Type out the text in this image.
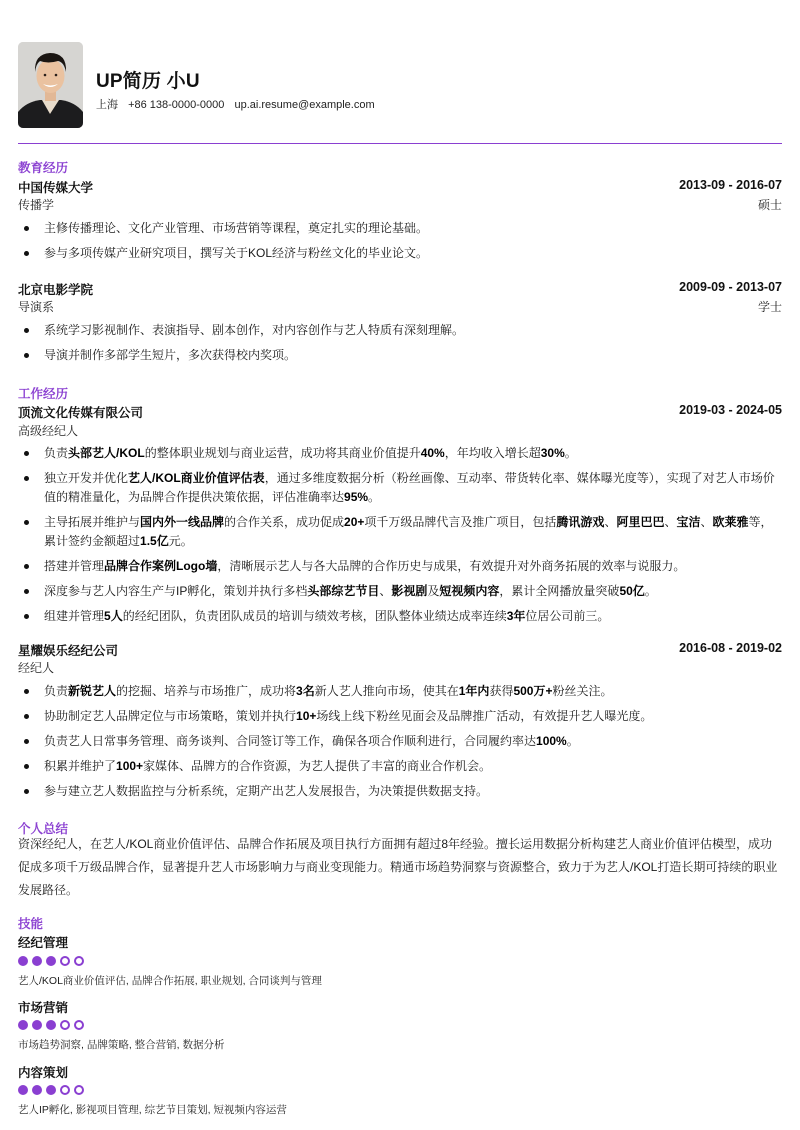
UP简历 小U
上海 +86 138-0000-0000 up.ai.resume@example.com
教育经历
中国传媒大学	2013-09 - 2016-07
传播学	硕士
主修传播理论、文化产业管理、市场营销等课程，奠定扎实的理论基础。
参与多项传媒产业研究项目，撰写关于KOL经济与粉丝文化的毕业论文。
北京电影学院	2009-09 - 2013-07
导演系	学士
系统学习影视制作、表演指导、剧本创作，对内容创作与艺人特质有深刻理解。
导演并制作多部学生短片，多次获得校内奖项。
工作经历
顶流文化传媒有限公司	2019-03 - 2024-05
高级经纪人
负责头部艺人/KOL的整体职业规划与商业运营，成功将其商业价值提升40%，年均收入增长超30%。
独立开发并优化艺人/KOL商业价值评估表，通过多维度数据分析（粉丝画像、互动率、带货转化率、媒体曝光度等），实现了对艺人市场价值的精准量化，为品牌合作提供决策依据，评估准确率达95%。
主导拓展并维护与国内外一线品牌的合作关系，成功促成20+项千万级品牌代言及推广项目，包括腾讯游戏、阿里巴巴、宝洁、欧莱雅等，累计签约金额超过1.5亿元。
搭建并管理品牌合作案例Logo墙，清晰展示艺人与各大品牌的合作历史与成果，有效提升对外商务拓展的效率与说服力。
深度参与艺人内容生产与IP孵化，策划并执行多档头部综艺节目、影视剧及短视频内容，累计全网播放量突破50亿。
组建并管理5人的经纪团队，负责团队成员的培训与绩效考核，团队整体业绩达成率连续3年位居公司前三。
星耀娱乐经纪公司	2016-08 - 2019-02
经纪人
负责新锐艺人的挖掘、培养与市场推广，成功将3名新人艺人推向市场，使其在1年内获得500万+粉丝关注。
协助制定艺人品牌定位与市场策略，策划并执行10+场线上线下粉丝见面会及品牌推广活动，有效提升艺人曝光度。
负责艺人日常事务管理、商务谈判、合同签订等工作，确保各项合作顺利进行，合同履约率达100%。
积累并维护了100+家媒体、品牌方的合作资源，为艺人提供了丰富的商业合作机会。
参与建立艺人数据监控与分析系统，定期产出艺人发展报告，为决策提供数据支持。
个人总结
资深经纪人，在艺人/KOL商业价值评估、品牌合作拓展及项目执行方面拥有超过8年经验。擅长运用数据分析构建艺人商业价值评估模型，成功促成多项千万级品牌合作，显著提升艺人市场影响力与商业变现能力。精通市场趋势洞察与资源整合，致力于为艺人/KOL打造长期可持续的职业发展路径。
技能
经纪管理
艺人/KOL商业价值评估, 品牌合作拓展, 职业规划, 合同谈判与管理
市场营销
市场趋势洞察, 品牌策略, 整合营销, 数据分析
内容策划
艺人IP孵化, 影视项目管理, 综艺节目策划, 短视频内容运营
